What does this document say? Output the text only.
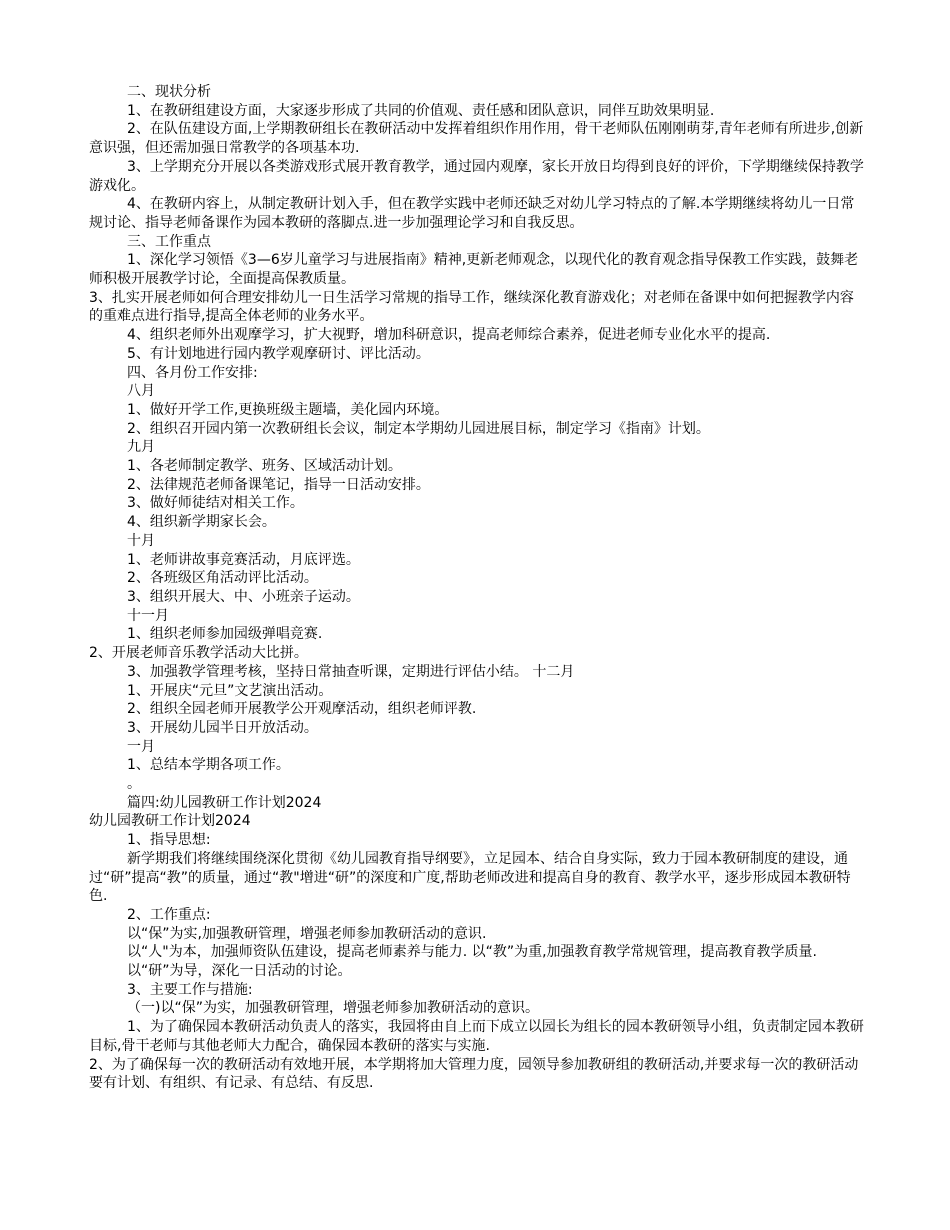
二、现状分析

1、在教研组建设方面，大家逐步形成了共同的价值观、责任感和团队意识，同伴互助效果明显.

2、在队伍建设方面,上学期教研组长在教研活动中发挥着组织作用作用，骨干老师队伍刚刚萌芽,青年老师有所进步,创新意识强，但还需加强日常教学的各项基本功.

3、上学期充分开展以各类游戏形式展开教育教学，通过园内观摩，家长开放日均得到良好的评价，下学期继续保持教学游戏化。

4、在教研内容上，从制定教研计划入手，但在教学实践中老师还缺乏对幼儿学习特点的了解.本学期继续将幼儿一日常规讨论、指导老师备课作为园本教研的落脚点.进一步加强理论学习和自我反思。

三、工作重点

1、深化学习领悟《3—6岁儿童学习与进展指南》精神,更新老师观念，以现代化的教育观念指导保教工作实践，鼓舞老师积极开展教学讨论，全面提高保教质量。

3、扎实开展老师如何合理安排幼儿一日生活学习常规的指导工作，继续深化教育游戏化；对老师在备课中如何把握教学内容的重难点进行指导,提高全体老师的业务水平。

4、组织老师外出观摩学习，扩大视野，增加科研意识，提高老师综合素养，促进老师专业化水平的提高.

5、有计划地进行园内教学观摩研讨、评比活动。

四、各月份工作安排:

八月

1、做好开学工作,更换班级主题墙，美化园内环境。

2、组织召开园内第一次教研组长会议，制定本学期幼儿园进展目标，制定学习《指南》计划。

九月

1、各老师制定教学、班务、区域活动计划。

2、法律规范老师备课笔记，指导一日活动安排。

3、做好师徒结对相关工作。

4、组织新学期家长会。

十月

1、老师讲故事竞赛活动，月底评选。

2、各班级区角活动评比活动。

3、组织开展大、中、小班亲子运动。

十一月

1、组织老师参加园级弹唱竞赛.

2、开展老师音乐教学活动大比拼。

3、加强教学管理考核，坚持日常抽查听课，定期进行评估小结。 十二月

1、开展庆“元旦”文艺演出活动。

2、组织全园老师开展教学公开观摩活动，组织老师评教.

3、开展幼儿园半日开放活动。

一月

1、总结本学期各项工作。

。

篇四:幼儿园教研工作计划2024

幼儿园教研工作计划2024

1、指导思想:

新学期我们将继续围绕深化贯彻《幼儿园教育指导纲要》，立足园本、结合自身实际，致力于园本教研制度的建设，通过“研”提高“教”的质量，通过“教"增进“研”的深度和广度,帮助老师改进和提高自身的教育、教学水平，逐步形成园本教研特色.

2、工作重点:

以“保”为实,加强教研管理，增强老师参加教研活动的意识.

以“人"为本，加强师资队伍建设，提高老师素养与能力. 以“教”为重,加强教育教学常规管理，提高教育教学质量.

以“研”为导，深化一日活动的讨论。

3、主要工作与措施:

（一)以“保”为实，加强教研管理，增强老师参加教研活动的意识。

1、为了确保园本教研活动负责人的落实，我园将由自上而下成立以园长为组长的园本教研领导小组，负责制定园本教研目标,骨干老师与其他老师大力配合，确保园本教研的落实与实施.

2、为了确保每一次的教研活动有效地开展，本学期将加大管理力度，园领导参加教研组的教研活动,并要求每一次的教研活动要有计划、有组织、有记录、有总结、有反思.
